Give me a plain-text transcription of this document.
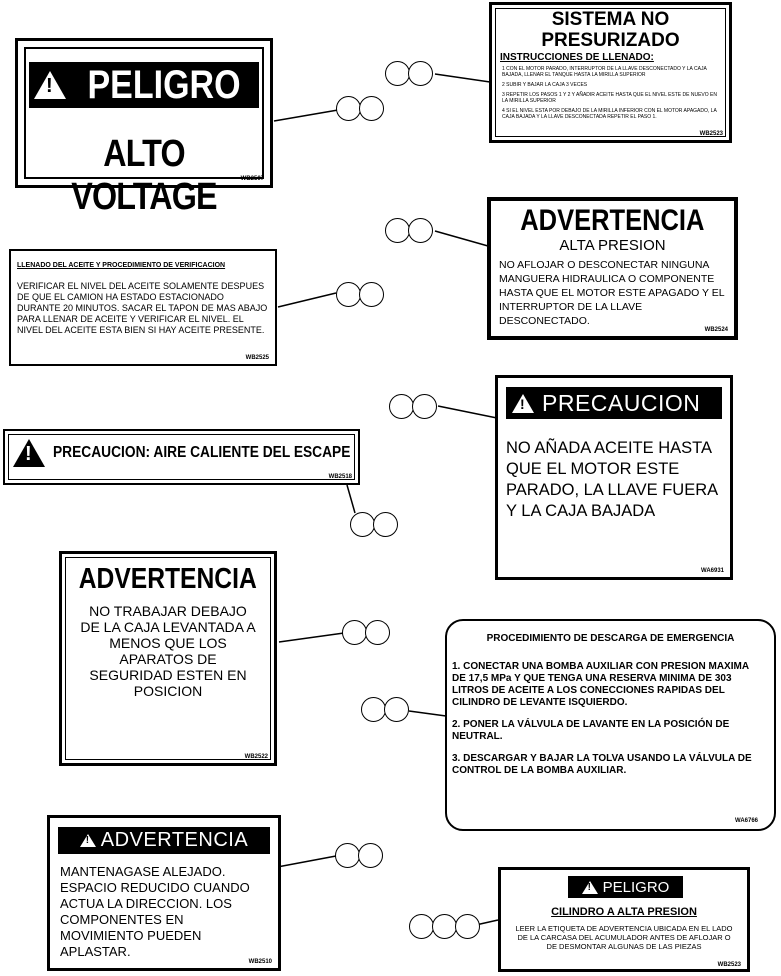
!
PELIGRO
ALTO VOLTAGE	WB2507
SISTEMA NO
PRESURIZADO
INSTRUCCIONES DE LLENADO:
1 CON EL MOTOR PARADO, INTERRUPTOR DE LA LLAVE DESCONECTADO Y LA CAJA BAJADA, LLENAR EL TANQUE HASTA LA MIRILLA SUPERIOR
2 SUBIR Y BAJAR LA CAJA 3 VECES
3 REPETIR LOS PASOS 1 Y 2 Y AÑADIR ACEITE HASTA QUE EL NIVEL ESTE DE NUEVO EN LA MIRILLA SUPERIOR
4 SI EL NIVEL ESTA POR DEBAJO DE LA MIRILLA INFERIOR CON EL MOTOR APAGADO, LA CAJA BAJADA Y LA LLAVE DESCONECTADA REPETIR EL PASO 1.
WB2523
ADVERTENCIA
ALTA PRESION
NO AFLOJAR O DESCONECTAR NINGUNA MANGUERA HIDRAULICA O COMPONENTE HASTA QUE EL MOTOR ESTE APAGADO Y EL INTERRUPTOR DE LA LLAVE DESCONECTADO.
WB2524
LLENADO DEL ACEITE Y PROCEDIMIENTO DE VERIFICACION
VERIFICAR EL NIVEL DEL ACEITE SOLAMENTE DESPUES DE QUE EL CAMION HA ESTADO ESTACIONADO DURANTE 20 MINUTOS. SACAR EL TAPON DE MAS ABAJO PARA LLENAR DE ACEITE Y VERIFICAR EL NIVEL. EL NIVEL DEL ACEITE ESTA BIEN SI HAY ACEITE PRESENTE.
WB2525
!
PRECAUCION
NO AÑADA ACEITE HASTA QUE EL MOTOR ESTE PARADO, LA LLAVE FUERA Y LA CAJA BAJADA
WA6931
!
PRECAUCION: AIRE CALIENTE DEL ESCAPE
WB2518
ADVERTENCIA
NO TRABAJAR DEBAJO DE LA CAJA LEVANTADA A MENOS QUE LOS APARATOS DE SEGURIDAD ESTEN EN POSICION
WB2522
PROCEDIMIENTO DE DESCARGA DE EMERGENCIA
1. CONECTAR UNA BOMBA AUXILIAR CON PRESION MAXIMA DE 17,5 MPa Y QUE TENGA UNA RESERVA MINIMA DE 303 LITROS DE ACEITE A LOS CONECCIONES RAPIDAS DEL CILINDRO DE LEVANTE ISQUIERDO.
2. PONER LA VÁLVULA DE LAVANTE EN LA POSICIÓN DE NEUTRAL.
3. DESCARGAR Y BAJAR LA TOLVA USANDO LA VÁLVULA DE CONTROL DE LA BOMBA AUXILIAR.
WA6766
!
ADVERTENCIA
MANTENAGASE ALEJADO. ESPACIO REDUCIDO CUANDO ACTUA LA DIRECCION. LOS COMPONENTES EN MOVIMIENTO PUEDEN APLASTAR.
WB2510
!
PELIGRO
CILINDRO A ALTA PRESION
LEER LA ETIQUETA DE ADVERTENCIA UBICADA EN EL LADO DE LA CARCASA DEL ACUMULADOR ANTES DE AFLOJAR O DE DESMONTAR ALGUNAS DE LAS PIEZAS
WB2523
